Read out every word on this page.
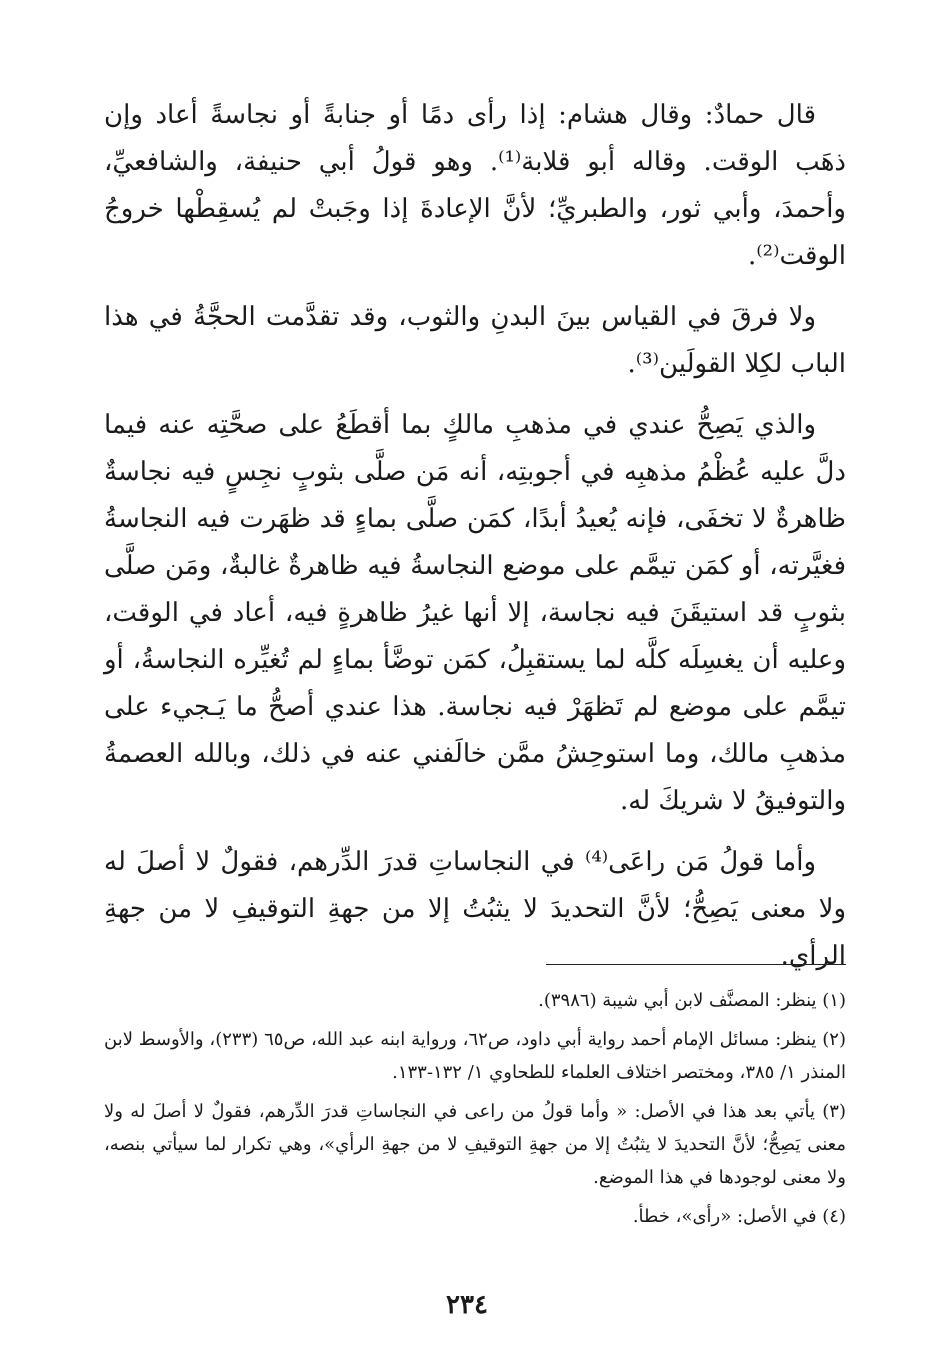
قال حمادٌ: وقال هشام: إذا رأى دمًا أو جنابةً أو نجاسةً أعاد وإن ذهَب الوقت. وقاله أبو قلابة⁽¹⁾. وهو قولُ أبي حنيفة، والشافعيِّ، وأحمدَ، وأبي ثور، والطبريِّ؛ لأنَّ الإعادةَ إذا وجَبتْ لم يُسقِطْها خروجُ الوقت⁽²⁾.

ولا فرقَ في القياس بينَ البدنِ والثوب، وقد تقدَّمت الحجَّةُ في هذا الباب لكِلا القولَين⁽³⁾.

والذي يَصِحُّ عندي في مذهبِ مالكٍ بما أقطَعُ على صحَّتِه عنه فيما دلَّ عليه عُظْمُ مذهبِه في أجوبتِه، أنه مَن صلَّى بثوبٍ نجِسٍ فيه نجاسةٌ ظاهرةٌ لا تخفَى، فإنه يُعيدُ أبدًا، كمَن صلَّى بماءٍ قد ظهَرت فيه النجاسةُ فغيَّرته، أو كمَن تيمَّم على موضع النجاسةُ فيه ظاهرةٌ غالبةٌ، ومَن صلَّى بثوبٍ قد استيقَنَ فيه نجاسة، إلا أنها غيرُ ظاهرةٍ فيه، أعاد في الوقت، وعليه أن يغسِلَه كلَّه لما يستقبِلُ، كمَن توضَّأ بماءٍ لم تُغيِّره النجاسةُ، أو تيمَّم على موضع لم تَظهَرْ فيه نجاسة. هذا عندي أصحُّ ما يَـجيء على مذهبِ مالك، وما استوحِشُ ممَّن خالَفني عنه في ذلك، وبالله العصمةُ والتوفيقُ لا شريكَ له.

وأما قولُ مَن راعَى⁽⁴⁾ في النجاساتِ قدرَ الدِّرهم، فقولٌ لا أصلَ له ولا معنى يَصِحُّ؛ لأنَّ التحديدَ لا يثبُتُ إلا من جهةِ التوقيفِ لا من جهةِ الرأي.

(١) ينظر: المصنَّف لابن أبي شيبة (٣٩٨٦).

(٢) ينظر: مسائل الإمام أحمد رواية أبي داود، ص٦٢، ورواية ابنه عبد الله، ص٦٥ (٢٣٣)، والأوسط لابن المنذر ١/ ٣٨٥، ومختصر اختلاف العلماء للطحاوي ١/ ١٣٢-١٣٣.

(٣) يأتي بعد هذا في الأصل: « وأما قولُ من راعى في النجاساتِ قدرَ الدِّرهم، فقولٌ لا أصلَ له ولا معنى يَصِحُّ؛ لأنَّ التحديدَ لا يثبُتُ إلا من جهةِ التوقيفِ لا من جهةِ الرأي»، وهي تكرار لما سيأتي بنصه، ولا معنى لوجودها في هذا الموضع.

(٤) في الأصل: «رأى»، خطأ.

٢٣٤
